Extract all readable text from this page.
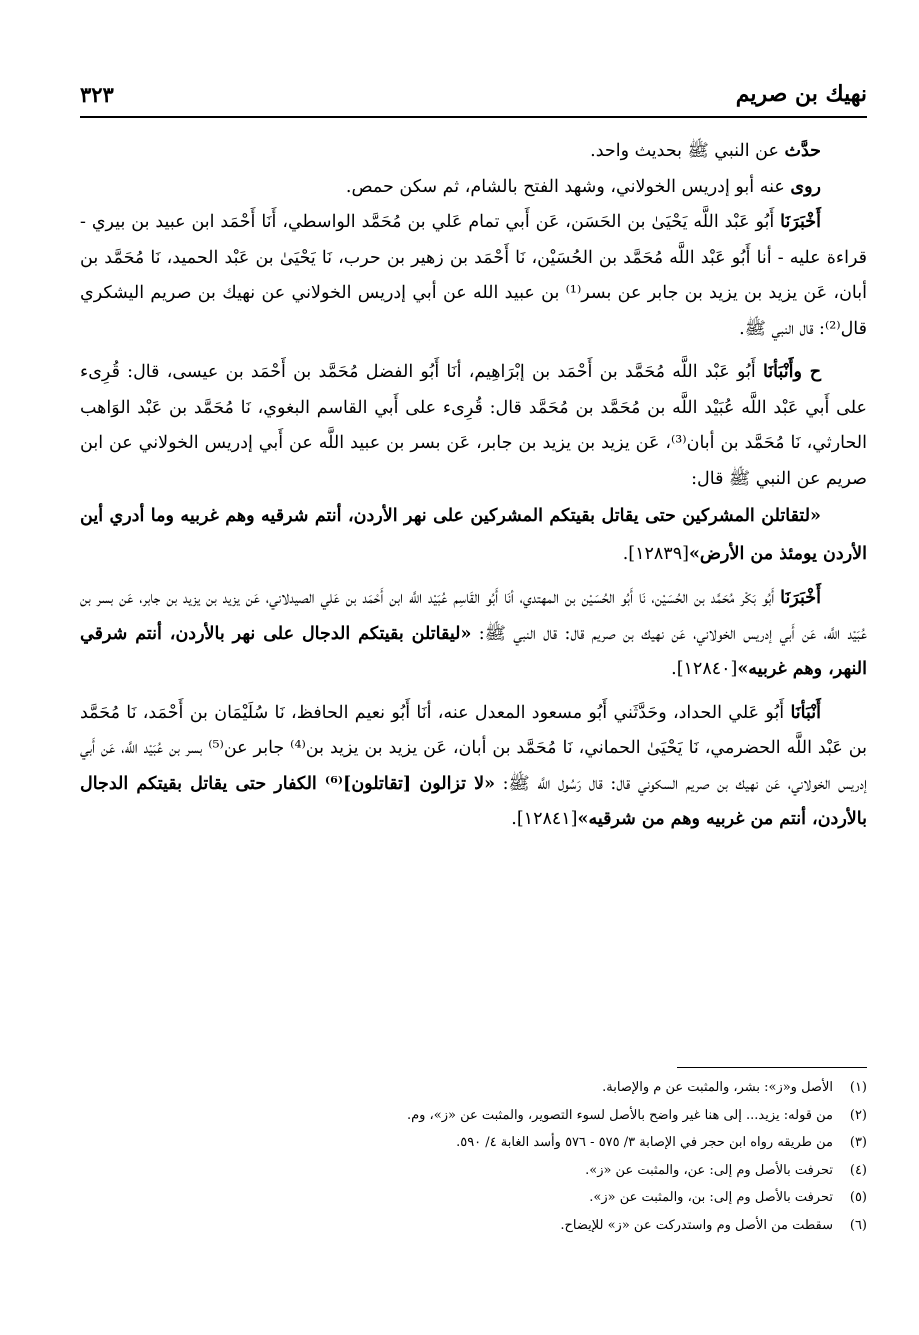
نهيك بن صريم
٣٢٣

حدَّث عن النبي ﷺ بحديث واحد.

روى عنه أبو إدريس الخولاني، وشهد الفتح بالشام، ثم سكن حمص.

أَخْبَرَنَا أَبُو عَبْد اللَّه يَحْيَىٰ بن الحَسَن، عَن أَبي تمام عَلي بن مُحَمَّد الواسطي، أَنَا أَحْمَد ابن عبيد بن بيري - قراءة عليه - أنا أَبُو عَبْد اللَّه مُحَمَّد بن الحُسَيْن، نَا أَحْمَد بن زهير بن حرب، نَا يَحْيَىٰ بن عَبْد الحميد، نَا مُحَمَّد بن أبان، عَن يزيد بن يزيد بن جابر عن بسر⁽¹⁾ بن عبيد الله عن أبي إدريس الخولاني عن نهيك بن صريم اليشكري قال⁽²⁾: قال النبي ﷺ.

ح وأَنْبَأنَا أَبُو عَبْد اللَّه مُحَمَّد بن أَحْمَد بن إبْرَاهِيم، أنَا أَبُو الفضل مُحَمَّد بن أَحْمَد بن عيسى، قال: قُرِىء على أَبي عَبْد اللَّه عُبَيْد اللَّه بن مُحَمَّد بن مُحَمَّد قال: قُرِىء على أَبي القاسم البغوي، نَا مُحَمَّد بن عَبْد الوَاهب الحارثي، نَا مُحَمَّد بن أبان⁽³⁾، عَن يزيد بن يزيد بن جابر، عَن بسر بن عبيد اللَّه عن أَبي إدريس الخولاني عن ابن صريم عن النبي ﷺ قال:

«لتقاتلن المشركين حتى يقاتل بقيتكم المشركين على نهر الأردن، أنتم شرقيه وهم غربيه وما أدري أين الأردن يومئذ من الأرض»[١٢٨٣٩].

أَخْبَرَنَا أَبُو بَكْر مُحَمَّد بن الحُسَيْن، نَا أَبُو الحُسَيْن بن المهتدي، أنَا أَبُو القَاسِم عُبَيْد اللَّه ابن أَحْمَد بن عَلي الصيدلاني، عَن يزيد بن يزيد بن جابر، عَن بسر بن عُبَيْد اللَّه، عَن أَبي إدريس الخولاني، عَن نهيك بن صريم قال: قال النبي ﷺ: «ليقاتلن بقيتكم الدجال على نهر بالأردن، أنتم شرقي النهر، وهم غربيه»[١٢٨٤٠].

أَنْبَأنَا أَبُو عَلي الحداد، وحَدَّثَني أَبُو مسعود المعدل عنه، أنَا أَبُو نعيم الحافظ، نَا سُلَيْمَان بن أَحْمَد، نَا مُحَمَّد بن عَبْد اللَّه الحضرمي، نَا يَحْيَىٰ الحماني، نَا مُحَمَّد بن أبان، عَن يزيد بن يزيد بن⁽⁴⁾ جابر عن⁽⁵⁾ بسر بن عُبَيْد اللَّه، عَن أَبي إدريس الخولاني، عَن نهيك بن صريم السكوني قال: قال رَسُول اللَّه ﷺ: «لا تزالون [تقاتلون]⁽⁶⁾ الكفار حتى يقاتل بقيتكم الدجال بالأردن، أنتم من غربيه وهم من شرقيه»[١٢٨٤١].

(١)الأصل و«ز»: بشر، والمثبت عن م والإصابة.
(٢)من قوله: يزيد... إلى هنا غير واضح بالأصل لسوء التصوير، والمثبت عن «ز»، وم.
(٣)من طريقه رواه ابن حجر في الإصابة ٣/ ٥٧٥ - ٥٧٦ وأسد الغابة ٤/ ٥٩٠.
(٤)تحرفت بالأصل وم إلى: عن، والمثبت عن «ز».
(٥)تحرفت بالأصل وم إلى: بن، والمثبت عن «ز».
(٦)سقطت من الأصل وم واستدركت عن «ز» للإيضاح.
